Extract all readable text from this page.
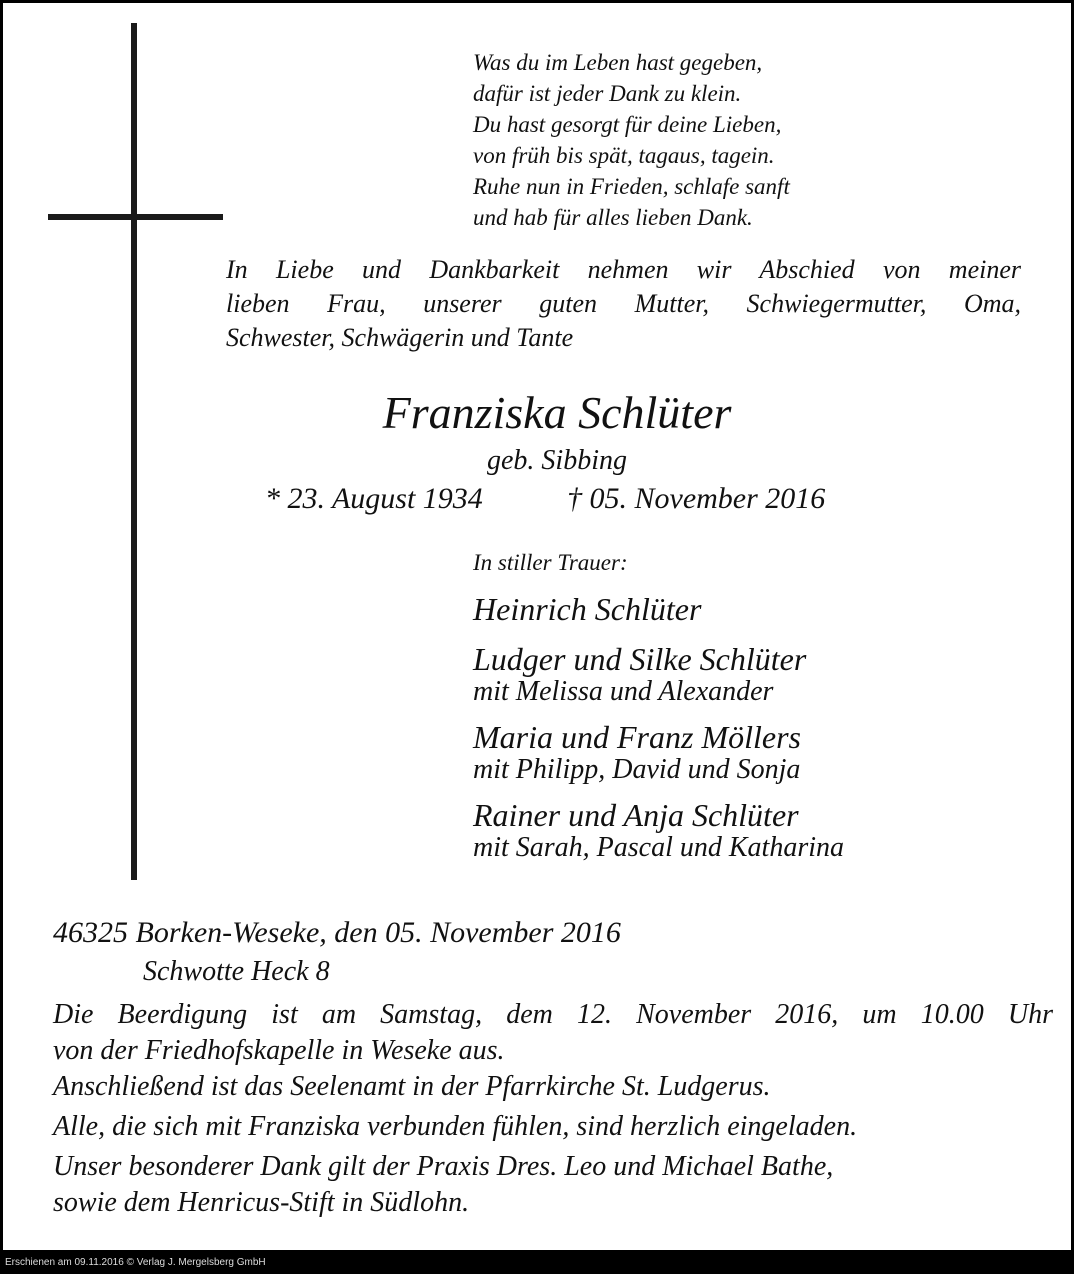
Was du im Leben hast gegeben,
dafür ist jeder Dank zu klein.
Du hast gesorgt für deine Lieben,
von früh bis spät, tagaus, tagein.
Ruhe nun in Frieden, schlafe sanft
und hab für alles lieben Dank.
In Liebe und Dankbarkeit nehmen wir Abschied von meiner
lieben Frau, unserer guten Mutter, Schwiegermutter, Oma,
Schwester, Schwägerin und Tante
Franziska Schlüter
geb. Sibbing
* 23. August 1934	† 05. November 2016
In stiller Trauer:
Heinrich Schlüter
Ludger und Silke Schlüter
mit Melissa und Alexander
Maria und Franz Möllers
mit Philipp, David und Sonja
Rainer und Anja Schlüter
mit Sarah, Pascal und Katharina
46325 Borken-Weseke, den 05. November 2016
Schwotte Heck 8
Die Beerdigung ist am Samstag, dem 12. November 2016, um 10.00 Uhr
von der Friedhofskapelle in Weseke aus.
Anschließend ist das Seelenamt in der Pfarrkirche St. Ludgerus.
Alle, die sich mit Franziska verbunden fühlen, sind herzlich eingeladen.
Unser besonderer Dank gilt der Praxis Dres. Leo und Michael Bathe,
sowie dem Henricus-Stift in Südlohn.
Erschienen am 09.11.2016 © Verlag J. Mergelsberg GmbH
